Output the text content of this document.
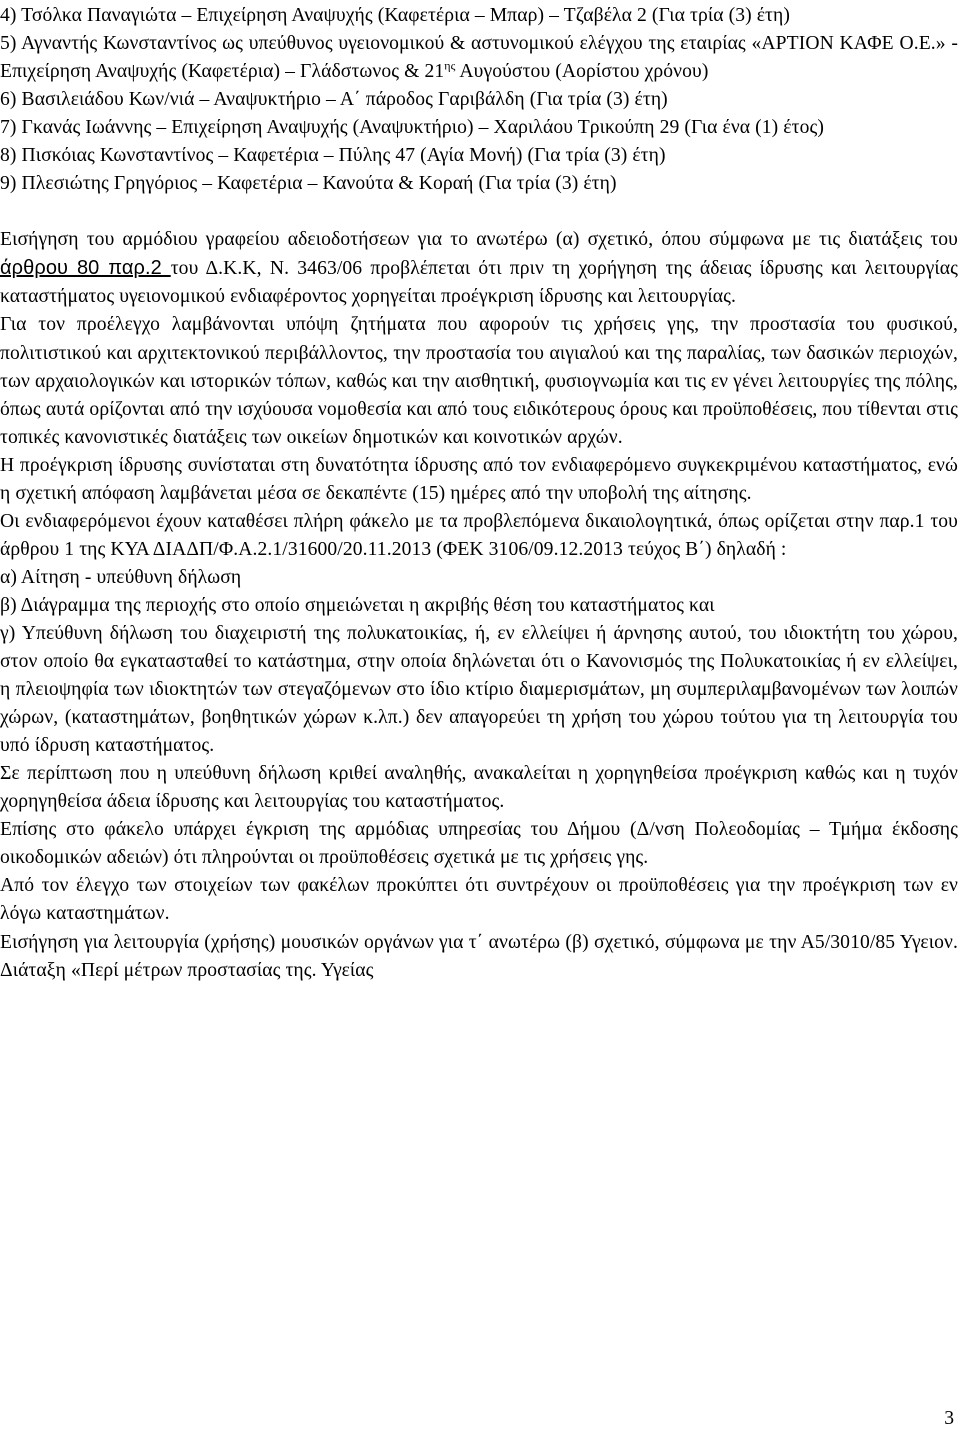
4) Τσόλκα Παναγιώτα – Επιχείρηση Αναψυχής (Καφετέρια – Μπαρ) – Τζαβέλα 2 (Για τρία (3) έτη)

5) Αγναντής Κωνσταντίνος ως υπεύθυνος υγειονομικού & αστυνομικού ελέγχου της εταιρίας «ΑΡΤΙΟΝ ΚΑΦΕ Ο.Ε.» - Επιχείρηση Αναψυχής (Καφετέρια) – Γλάδστωνος & $21^{\eta\varsigma}$ Αυγούστου (Αορίστου χρόνου)

6) Βασιλειάδου Κων/νιά – Αναψυκτήριο – Α΄ πάροδος Γαριβάλδη (Για τρία (3) έτη)

7) Γκανάς Ιωάννης – Επιχείρηση Αναψυχής (Αναψυκτήριο) – Χαριλάου Τρικούπη 29 (Για ένα (1) έτος)

8) Πισκόιας Κωνσταντίνος – Καφετέρια – Πύλης 47 (Αγία Μονή) (Για τρία (3) έτη)

9) Πλεσιώτης Γρηγόριος – Καφετέρια – Κανούτα & Κοραή (Για τρία (3) έτη)

Εισήγηση του αρμόδιου γραφείου αδειοδοτήσεων για το ανωτέρω (α) σχετικό, όπου σύμφωνα με τις διατάξεις του άρθρου 80 παρ.2 του Δ.Κ.Κ, Ν. 3463/06 προβλέπεται ότι πριν τη χορήγηση της άδειας ίδρυσης και λειτουργίας καταστήματος υγειονομικού ενδιαφέροντος χορηγείται προέγκριση ίδρυσης και λειτουργίας.

Για τον προέλεγχο λαμβάνονται υπόψη ζητήματα που αφορούν τις χρήσεις γης, την προστασία του φυσικού, πολιτιστικού και αρχιτεκτονικού περιβάλλοντος, την προστασία του αιγιαλού και της παραλίας, των δασικών περιοχών, των αρχαιολογικών και ιστορικών τόπων, καθώς και την αισθητική, φυσιογνωμία και τις εν γένει λειτουργίες της πόλης, όπως αυτά ορίζονται από την ισχύουσα νομοθεσία και από τους ειδικότερους όρους και προϋποθέσεις, που τίθενται στις τοπικές κανονιστικές διατάξεις των οικείων δημοτικών και κοινοτικών αρχών.

Η προέγκριση ίδρυσης συνίσταται στη δυνατότητα ίδρυσης από τον ενδιαφερόμενο συγκεκριμένου καταστήματος, ενώ η σχετική απόφαση λαμβάνεται μέσα σε δεκαπέντε (15) ημέρες από την υποβολή της αίτησης.

Οι ενδιαφερόμενοι έχουν καταθέσει πλήρη φάκελο με τα προβλεπόμενα δικαιολογητικά, όπως ορίζεται στην παρ.1 του άρθρου 1 της ΚΥΑ ΔΙΑΔΠ/Φ.Α.2.1/31600/20.11.2013 (ΦΕΚ 3106/09.12.2013 τεύχος Β΄) δηλαδή :

α) Αίτηση - υπεύθυνη δήλωση

β) Διάγραμμα της περιοχής στο οποίο σημειώνεται η ακριβής θέση του καταστήματος και

γ) Υπεύθυνη δήλωση του διαχειριστή της πολυκατοικίας, ή, εν ελλείψει ή άρνησης αυτού, του ιδιοκτήτη του χώρου, στον οποίο θα εγκατασταθεί το κατάστημα, στην οποία δηλώνεται ότι ο Κανονισμός της Πολυκατοικίας ή εν ελλείψει, η πλειοψηφία των ιδιοκτητών των στεγαζόμενων στο ίδιο κτίριο διαμερισμάτων, μη συμπεριλαμβανομένων των λοιπών χώρων, (καταστημάτων, βοηθητικών χώρων κ.λπ.) δεν απαγορεύει τη χρήση του χώρου τούτου για τη λειτουργία του υπό ίδρυση καταστήματος.

Σε περίπτωση που η υπεύθυνη δήλωση κριθεί αναληθής, ανακαλείται η χορηγηθείσα προέγκριση καθώς και η τυχόν χορηγηθείσα άδεια ίδρυσης και λειτουργίας του καταστήματος.

Επίσης στο φάκελο υπάρχει έγκριση της αρμόδιας υπηρεσίας του Δήμου (Δ/νση Πολεοδομίας – Τμήμα έκδοσης οικοδομικών αδειών) ότι πληρούνται οι προϋποθέσεις σχετικά με τις χρήσεις γης.

Από τον έλεγχο των στοιχείων των φακέλων προκύπτει ότι συντρέχουν οι προϋποθέσεις για την προέγκριση των εν λόγω καταστημάτων.

Εισήγηση για λειτουργία (χρήσης) μουσικών οργάνων για τ΄ ανωτέρω (β) σχετικό, σύμφωνα με την Α5/3010/85 Υγειον. Διάταξη «Περί μέτρων προστασίας της. Υγείας

3
